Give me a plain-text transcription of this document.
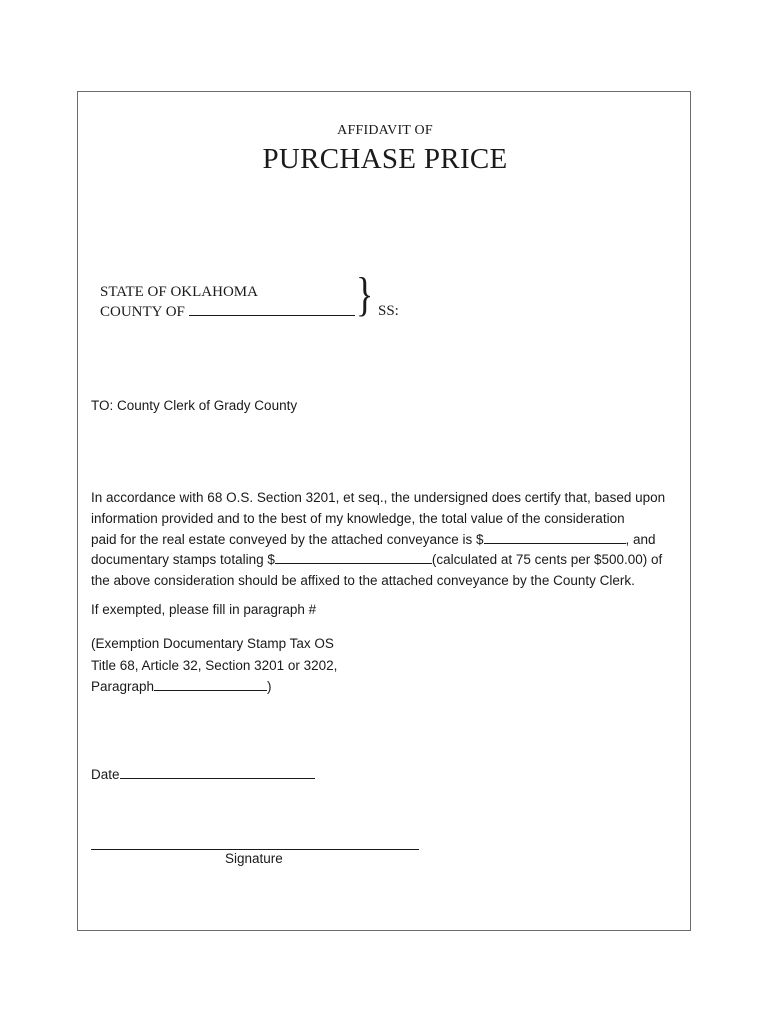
AFFIDAVIT OF
PURCHASE PRICE
STATE OF OKLAHOMA
COUNTY OF	} SS:
TO: County Clerk of Grady County
In accordance with 68 O.S. Section 3201, et seq., the undersigned does certify that, based upon
information provided and to the best of my knowledge, the total value of the consideration
paid for the real estate conveyed by the attached conveyance is $	, and
documentary stamps totaling $	(calculated at 75 cents per $500.00) of
the above consideration should be affixed to the attached conveyance by the County Clerk.
If exempted, please fill in paragraph #
(Exemption Documentary Stamp Tax OS
Title 68, Article 32, Section 3201 or 3202,
Paragraph	)
Date
Signature
